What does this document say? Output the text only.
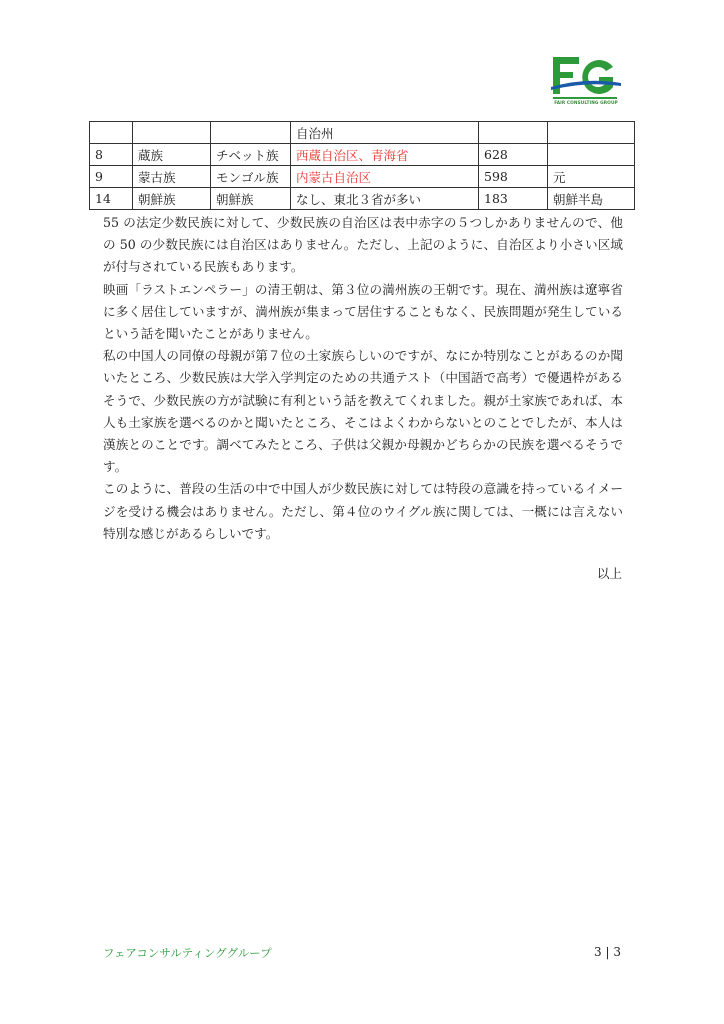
FAIR CONSULTING GROUP
			自治州		
8	蔵族	チベット族	西蔵自治区、青海省	628	
9	蒙古族	モンゴル族	内蒙古自治区	598	元
14	朝鮮族	朝鮮族	なし、東北３省が多い	183	朝鮮半島

55 の法定少数民族に対して、少数民族の自治区は表中赤字の５つしかありませんので、他の 50 の少数民族には自治区はありません。ただし、上記のように、自治区より小さい区域が付与されている民族もあります。

映画「ラストエンペラー」の清王朝は、第３位の満州族の王朝です。現在、満州族は遼寧省に多く居住していますが、満州族が集まって居住することもなく、民族問題が発生しているという話を聞いたことがありません。

私の中国人の同僚の母親が第７位の土家族らしいのですが、なにか特別なことがあるのか聞いたところ、少数民族は大学入学判定のための共通テスト（中国語で高考）で優遇枠があるそうで、少数民族の方が試験に有利という話を教えてくれました。親が土家族であれば、本人も土家族を選べるのかと聞いたところ、そこはよくわからないとのことでしたが、本人は漢族とのことです。調べてみたところ、子供は父親か母親かどちらかの民族を選べるそうです。

このように、普段の生活の中で中国人が少数民族に対しては特段の意識を持っているイメージを受ける機会はありません。ただし、第４位のウイグル族に関しては、一概には言えない特別な感じがあるらしいです。

以上
フェアコンサルティンググループ	3 | 3
